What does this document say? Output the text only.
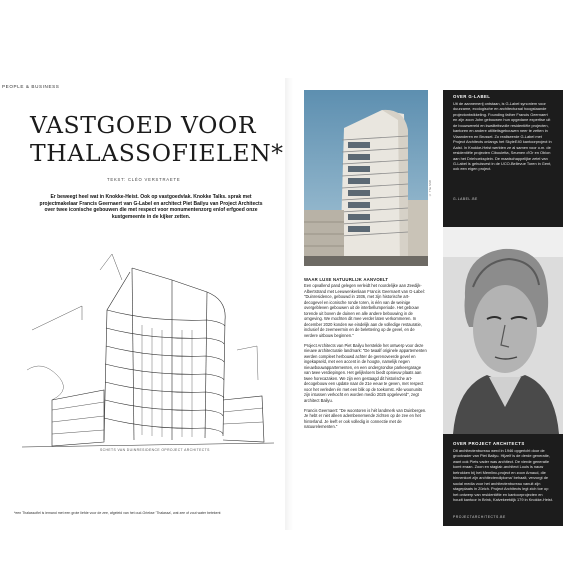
PEOPLE & BUSINESS
VASTGOED VOOR
THALASSOFIELEN*
TEKST: CLÉO VERSTRAETE

Er beweegt heel wat in Knokke-Heist. Ook op vastgoedvlak. Knokke Talks. sprak met projectmakelaar Francis Geernaert van G-Label en architect Piet Bailyu van Project Architects over twee iconische gebouwen die met respect voor monumentenzorg en/of erfgoed onze kustgemeente in de kijker zetten.

SCHETS VAN DUINRESIDENCE OPROJECT ARCHITECTS
*een Thalassofiel is iemand met een grote liefde voor de zee, afgeleid van het oud-Griekse 'Thalassa', wat zee of zout water betekent
© The Shift
WAAR LUXE NATUURLIJK AANVOELT

Een opvallend pand gelegen verleidt het noordelijke aan Zeedijk-Albertstrand met Leeuwenkenlaan Francis Geernaert van G-Label: "Duinresidence, gebouwd in 1936, met zijn historische art-decogevel en iconische ronde toren, is één van de weinige overgebleven gebouwen uit de interbellumperiode. Het gebouw torende uit boven de duinen en alle andere bebouwing in de omgeving. We mochten dit mee verder laten verkommeren. In december 2020 konden we eindelijk aan de volledige restauratie, inclusief de zeemeermin en de belettering op de gevel, en de verdere uitbouw beginnen."

Project Architects van Piet Bailyu herstelde het ontwerp voor deze nieuwe architecturale landmark: "De twaalf originele appartementen werden compleet herbouwd achter de gerenoveerde gevel en ingekapseld, met een accent in de hoogte, namelijk negen nieuwbouwappartementen, en een ondergrondse parkeergarage van twee verdiepingen. Het gelijkvloers biedt opnieuw plaats aan twee horecazaken. We zijn een gestaagd dit historische art-decogebouw een update naar de 21e eeuw te geven, met respect voor het verleden én met een blik op de toekomst. Alle woonunits zijn intussen verkocht en worden medio 2025 opgeleverd", zegt architect Bailyu.

Francis Geernaert: "De woontoren is hét landmerk van Duinbergen. Je hebt er niet alleen adembenemende zichten op de zee en het hinterland. Je leeft er ook volledig in connectie met de natuurelementen."

OVER G-LABEL
Uit de aannemerij ontstaan, is G-Label synoniem voor duurzame, ecologische en architecturaal hoogstaande projectontwikkeling. Founding father Francis Geernaert en zijn zoon John gebouwen hun opgedane expertise uit de bouwwereld en kwaliteitsvolle residentiële projecten, kantoren en andere utiliteitsgebouwen neer te zetten in Vlaanderen en Brussel. Zo realiseerde G-Label met Project Architects onlangs het SkyleE40 kantoorproject in Aalst. In Knokke-Heist werkten ze al samen voor o.m. de residentiële projecten Cibouletta, Seumen d'Or en Obion aan het Driehoeksplein. De maatschappelijke zetel van G-Label is gehuisvest in de UCO-Bellevue Toren in Gent, ook een eigen project.
G-LABEL.BE
OVER PROJECT ARCHITECTS
Dit architectenbureau werd in 1946 opgericht door de grootvader van Piet Bailyu. Hijzelf is de derde generatie, want ook Piets vader was architect. De vierde generatie komt eraan. Zoon en stagiair-architect Louis is nauw betrokken bij het Memlinc-project en zoon Arnaud, die binnenkort zijn architectendiploma' behaalt, verzorgt de social media voor het architectenbureau vanuit zijn stageplaats in Zürich. Project Architects legt zich toe op het ontwerp van residentiële en kantoorprojecten en houdt kantoor in Brink, Kalvekeetdijk 179 in Knokke-Heist.
PROJECTARCHITECTS.BE
